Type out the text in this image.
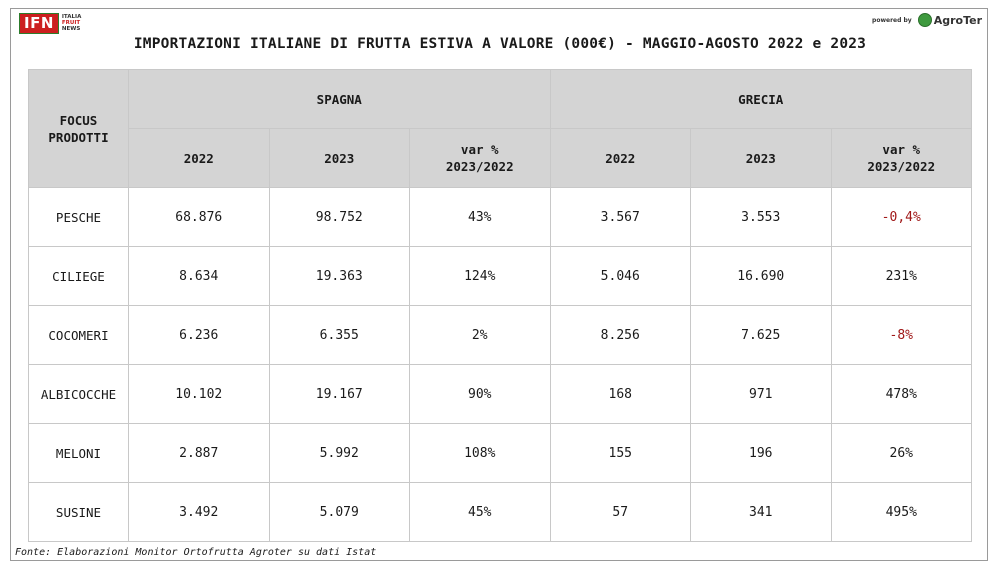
IFN	ITALIA
FRUIT
NEWS
powered by AgroTer
IMPORTAZIONI ITALIANE DI FRUTTA ESTIVA A VALORE (000€) - MAGGIO-AGOSTO 2022 e 2023
FOCUS PRODOTTI	SPAGNA			GRECIA		
	2022	2023	var % 2023/2022	2022	2023	var % 2023/2022
PESCHE	68.876	98.752	43%	3.567	3.553	-0,4%
CILIEGE	8.634	19.363	124%	5.046	16.690	231%
COCOMERI	6.236	6.355	2%	8.256	7.625	-8%
ALBICOCCHE	10.102	19.167	90%	168	971	478%
MELONI	2.887	5.992	108%	155	196	26%
SUSINE	3.492	5.079	45%	57	341	495%
Fonte: Elaborazioni Monitor Ortofrutta Agroter su dati Istat
